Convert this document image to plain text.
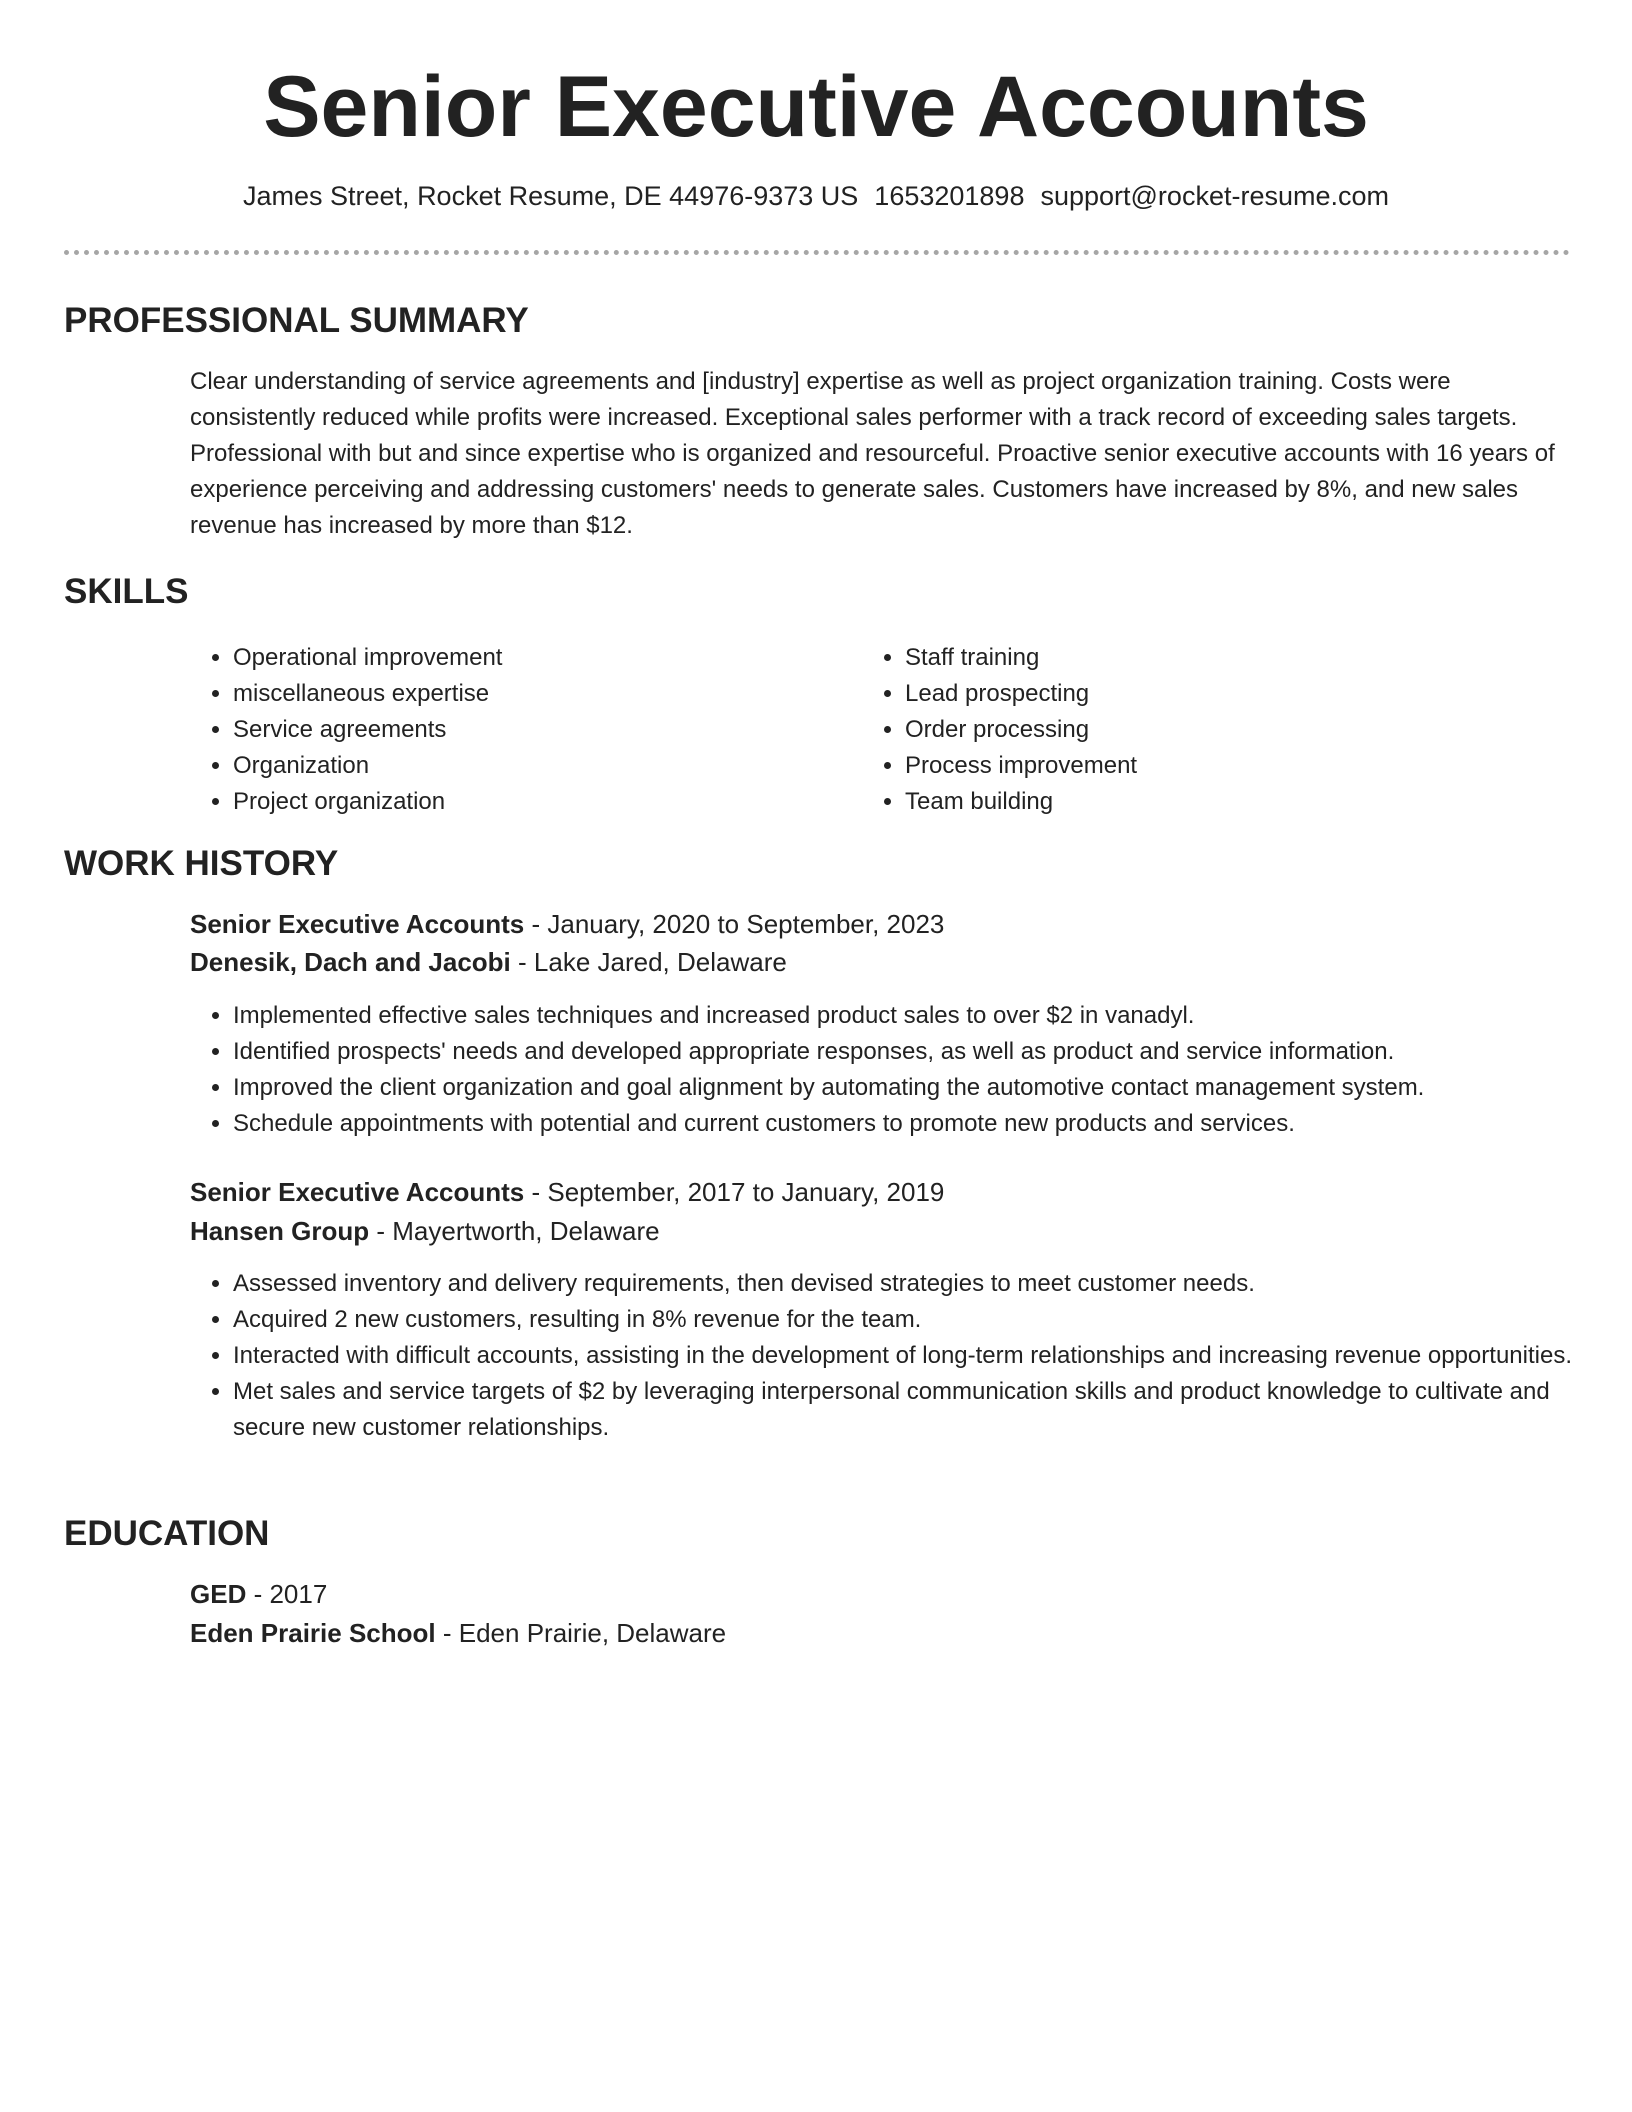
Senior Executive Accounts
James Street, Rocket Resume, DE 44976-9373 US 1653201898 support@rocket-resume.com
PROFESSIONAL SUMMARY

Clear understanding of service agreements and [industry] expertise as well as project organization training. Costs were consistently reduced while profits were increased. Exceptional sales performer with a track record of exceeding sales targets. Professional with but and since expertise who is organized and resourceful. Proactive senior executive accounts with 16 years of experience perceiving and addressing customers' needs to generate sales. Customers have increased by 8%, and new sales revenue has increased by more than $12.

SKILLS
• Operational improvement
• miscellaneous expertise
• Service agreements
• Organization
• Project organization
• Staff training
• Lead prospecting
• Order processing
• Process improvement
• Team building
WORK HISTORY
Senior Executive Accounts - January, 2020 to September, 2023
Denesik, Dach and Jacobi - Lake Jared, Delaware
• Implemented effective sales techniques and increased product sales to over $2 in vanadyl.
• Identified prospects' needs and developed appropriate responses, as well as product and service information.
• Improved the client organization and goal alignment by automating the automotive contact management system.
• Schedule appointments with potential and current customers to promote new products and services.
Senior Executive Accounts - September, 2017 to January, 2019
Hansen Group - Mayertworth, Delaware
• Assessed inventory and delivery requirements, then devised strategies to meet customer needs.
• Acquired 2 new customers, resulting in 8% revenue for the team.
• Interacted with difficult accounts, assisting in the development of long-term relationships and increasing revenue opportunities.
• Met sales and service targets of $2 by leveraging interpersonal communication skills and product knowledge to cultivate and secure new customer relationships.
EDUCATION
GED - 2017
Eden Prairie School - Eden Prairie, Delaware
